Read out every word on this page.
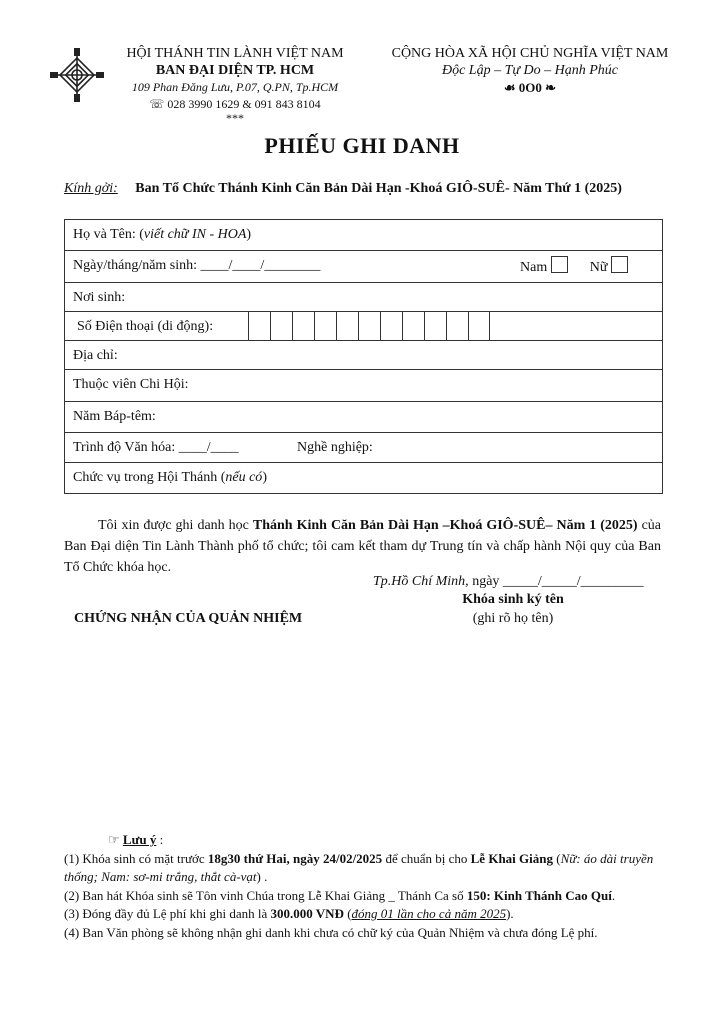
HỘI THÁNH TIN LÀNH VIỆT NAM
BAN ĐẠI DIỆN TP. HCM
109 Phan Đăng Lưu, P.07, Q.PN, Tp.HCM
☏ 028 3990 1629 & 091 843 8104
***
CỘNG HÒA XÃ HỘI CHỦ NGHĨA VIỆT NAM
Độc Lập – Tự Do – Hạnh Phúc
☙ 0O0 ❧
PHIẾU GHI DANH
Kính gởi: Ban Tổ Chức Thánh Kinh Căn Bản Dài Hạn -Khoá GIÔ-SUÊ- Năm Thứ 1 (2025)
Họ và Tên: (viết chữ IN - HOA)
Ngày/tháng/năm sinh: ____/____/________	Nam	Nữ
Nơi sinh:
Số Điện thoại (di động):
Địa chỉ:
Thuộc viên Chi Hội:
Năm Báp-têm:
Trình độ Văn hóa: ____/____	Nghề nghiệp:
Chức vụ trong Hội Thánh (nếu có)
Tôi xin được ghi danh học Thánh Kinh Căn Bản Dài Hạn –Khoá GIÔ-SUÊ– Năm 1 (2025) của Ban Đại diện Tin Lành Thành phố tổ chức; tôi cam kết tham dự Trung tín và chấp hành Nội quy của Ban Tổ Chức khóa học.
Tp.Hồ Chí Minh, ngày _____/_____/_________
Khóa sinh ký tên
(ghi rõ họ tên)
CHỨNG NHẬN CỦA QUẢN NHIỆM
☞ Lưu ý :
(1) Khóa sinh có mặt trước 18g30 thứ Hai, ngày 24/02/2025 để chuẩn bị cho Lễ Khai Giảng (Nữ: áo dài truyền thống; Nam: sơ-mi trắng, thắt cà-vạt) .
(2) Ban hát Khóa sinh sẽ Tôn vinh Chúa trong Lễ Khai Giảng _ Thánh Ca số 150: Kinh Thánh Cao Quí.
(3) Đóng đầy đủ Lệ phí khi ghi danh là 300.000 VNĐ (đóng 01 lần cho cả năm 2025).
(4) Ban Văn phòng sẽ không nhận ghi danh khi chưa có chữ ký của Quản Nhiệm và chưa đóng Lệ phí.
